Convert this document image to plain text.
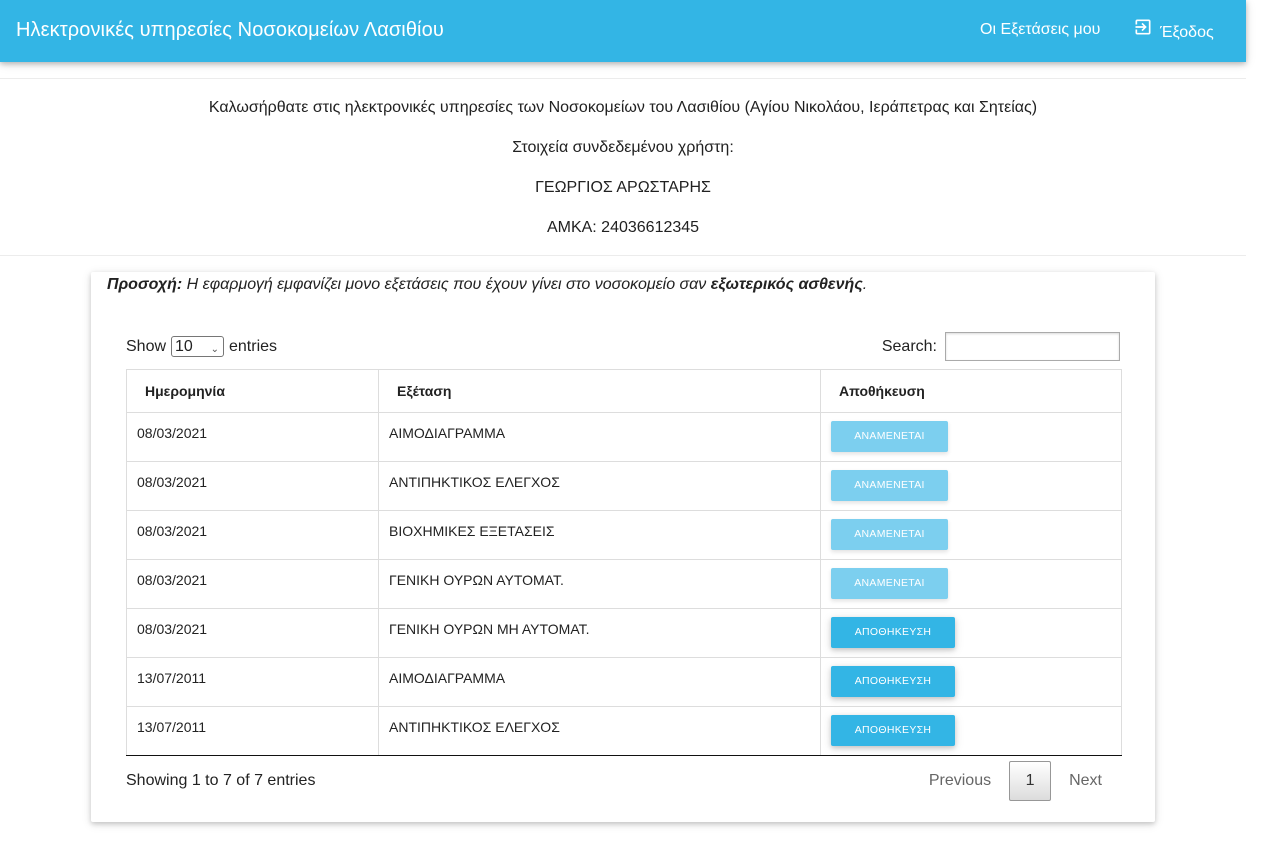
Ηλεκτρονικές υπηρεσίες Νοσοκομείων Λασιθίου	Οι Εξετάσεις μου	Έξοδος
Καλωσήρθατε στις ηλεκτρονικές υπηρεσίες των Νοσοκομείων του Λασιθίου (Αγίου Νικολάου, Ιεράπετρας και Σητείας)
Στοιχεία συνδεδεμένου χρήστη:
ΓΕΩΡΓΙΟΣ ΑΡΩΣΤΑΡΗΣ
ΑΜΚΑ: 24036612345
Προσοχή: Η εφαρμογή εμφανίζει μονο εξετάσεις που έχουν γίνει στο νοσοκομείο σαν εξωτερικός ασθενής.
Show 10 ⌄ entries	Search:
Ημερομηνία	Εξέταση	Αποθήκευση
08/03/2021	ΑΙΜΟΔΙΑΓΡΑΜΜΑ	ΑΝΑΜΕΝΕΤΑΙ
08/03/2021	ΑΝΤΙΠΗΚΤΙΚΟΣ ΕΛΕΓΧΟΣ	ΑΝΑΜΕΝΕΤΑΙ
08/03/2021	ΒΙΟΧΗΜΙΚΕΣ ΕΞΕΤΑΣΕΙΣ	ΑΝΑΜΕΝΕΤΑΙ
08/03/2021	ΓΕΝΙΚΗ ΟΥΡΩΝ ΑΥΤΟΜΑΤ.	ΑΝΑΜΕΝΕΤΑΙ
08/03/2021	ΓΕΝΙΚΗ ΟΥΡΩΝ ΜΗ ΑΥΤΟΜΑΤ.	ΑΠΟΘΗΚΕΥΣΗ
13/07/2011	ΑΙΜΟΔΙΑΓΡΑΜΜΑ	ΑΠΟΘΗΚΕΥΣΗ
13/07/2011	ΑΝΤΙΠΗΚΤΙΚΟΣ ΕΛΕΓΧΟΣ	ΑΠΟΘΗΚΕΥΣΗ
Showing 1 to 7 of 7 entries	Previous	1	Next
